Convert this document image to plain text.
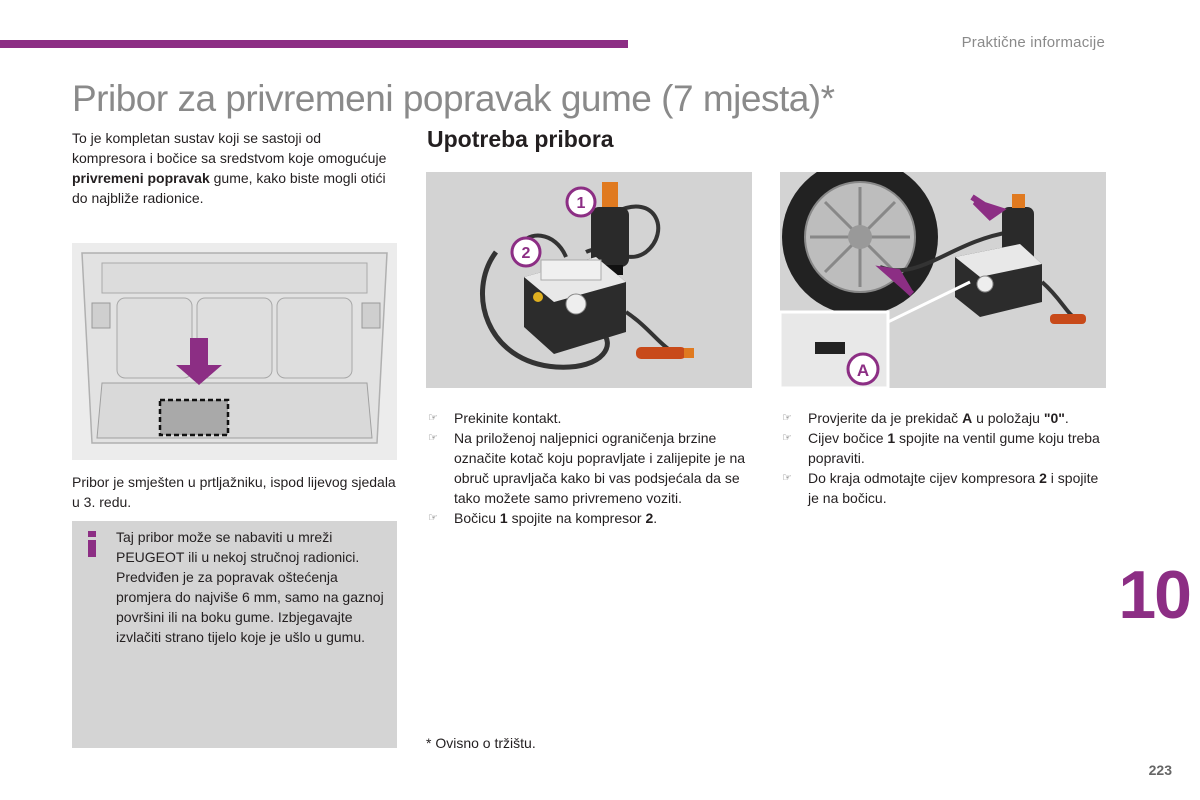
Praktične informacije
Pribor za privremeni popravak gume (7 mjesta)*

To je kompletan sustav koji se sastoji od kompresora i bočice sa sredstvom koje omogućuje privremeni popravak gume, kako biste mogli otići do najbliže radionice.

Upotreba pribora
1
2
A

Pribor je smješten u prtljažniku, ispod lijevog sjedala u 3. redu.

Taj pribor može se nabaviti u mreži PEUGEOT ili u nekoj stručnoj radionici. Predviđen je za popravak oštećenja promjera do najviše 6 mm, samo na gaznoj površini ili na boku gume. Izbjegavajte izvlačiti strano tijelo koje je ušlo u gumu.

☞ Prekinite kontakt.
☞ Na priloženoj naljepnici ograničenja brzine označite kotač koju popravljate i zalijepite je na obruč upravljača kako bi vas podsjećala da se tako možete samo privremeno voziti.
☞ Bočicu 1 spojite na kompresor 2.
☞ Provjerite da je prekidač A u položaju "0".
☞ Cijev bočice 1 spojite na ventil gume koju treba popraviti.
☞ Do kraja odmotajte cijev kompresora 2 i spojite je na bočicu.
* Ovisno o tržištu.
10
223
